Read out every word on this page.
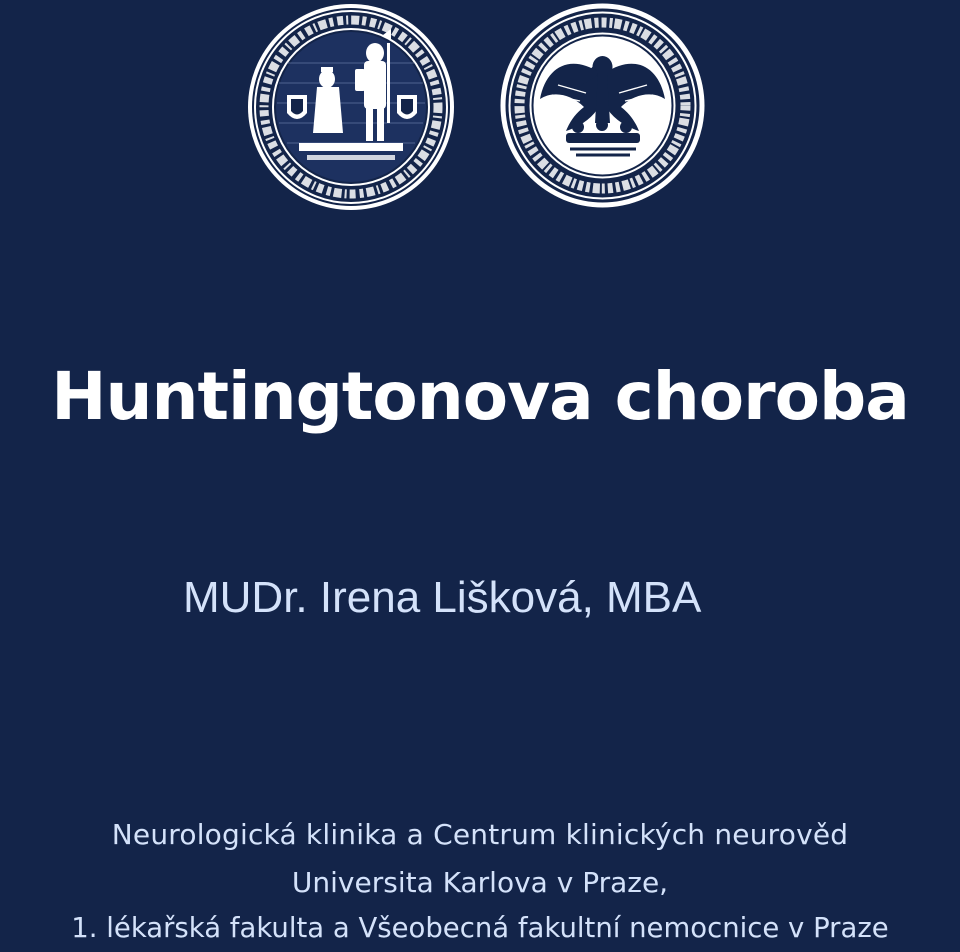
Huntingtonova choroba

MUDr. Irena Lišková, MBA

Neurologická klinika a Centrum klinických neurověd

Universita Karlova v Praze,

1. lékařská fakulta a Všeobecná fakultní nemocnice v Praze
